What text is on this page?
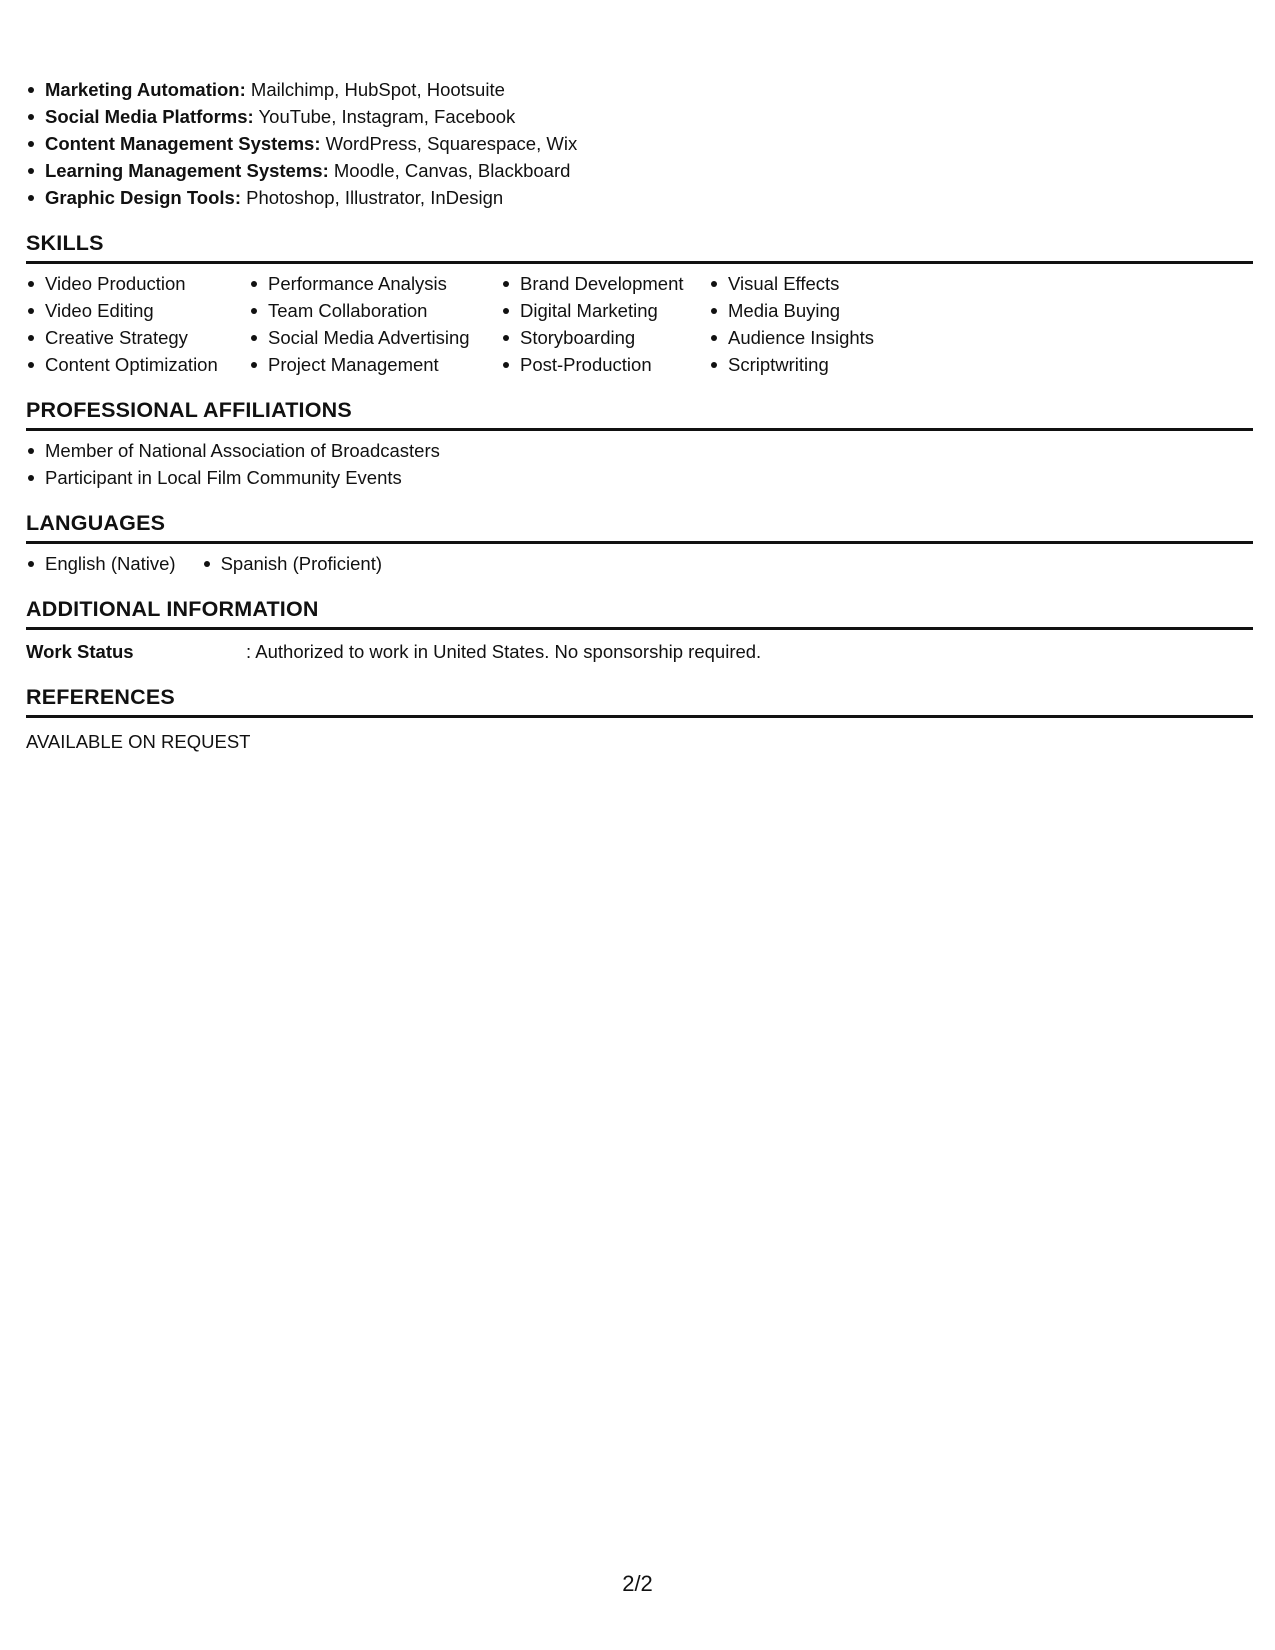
Marketing Automation: Mailchimp, HubSpot, Hootsuite
Social Media Platforms: YouTube, Instagram, Facebook
Content Management Systems: WordPress, Squarespace, Wix
Learning Management Systems: Moodle, Canvas, Blackboard
Graphic Design Tools: Photoshop, Illustrator, InDesign
SKILLS
Video Production
Video Editing
Creative Strategy
Content Optimization
Performance Analysis
Team Collaboration
Social Media Advertising
Project Management
Brand Development
Digital Marketing
Storyboarding
Post-Production
Visual Effects
Media Buying
Audience Insights
Scriptwriting
PROFESSIONAL AFFILIATIONS
Member of National Association of Broadcasters
Participant in Local Film Community Events
LANGUAGES
English (Native)	Spanish (Proficient)
ADDITIONAL INFORMATION
Work Status	: Authorized to work in United States. No sponsorship required.
REFERENCES
AVAILABLE ON REQUEST
2/2
